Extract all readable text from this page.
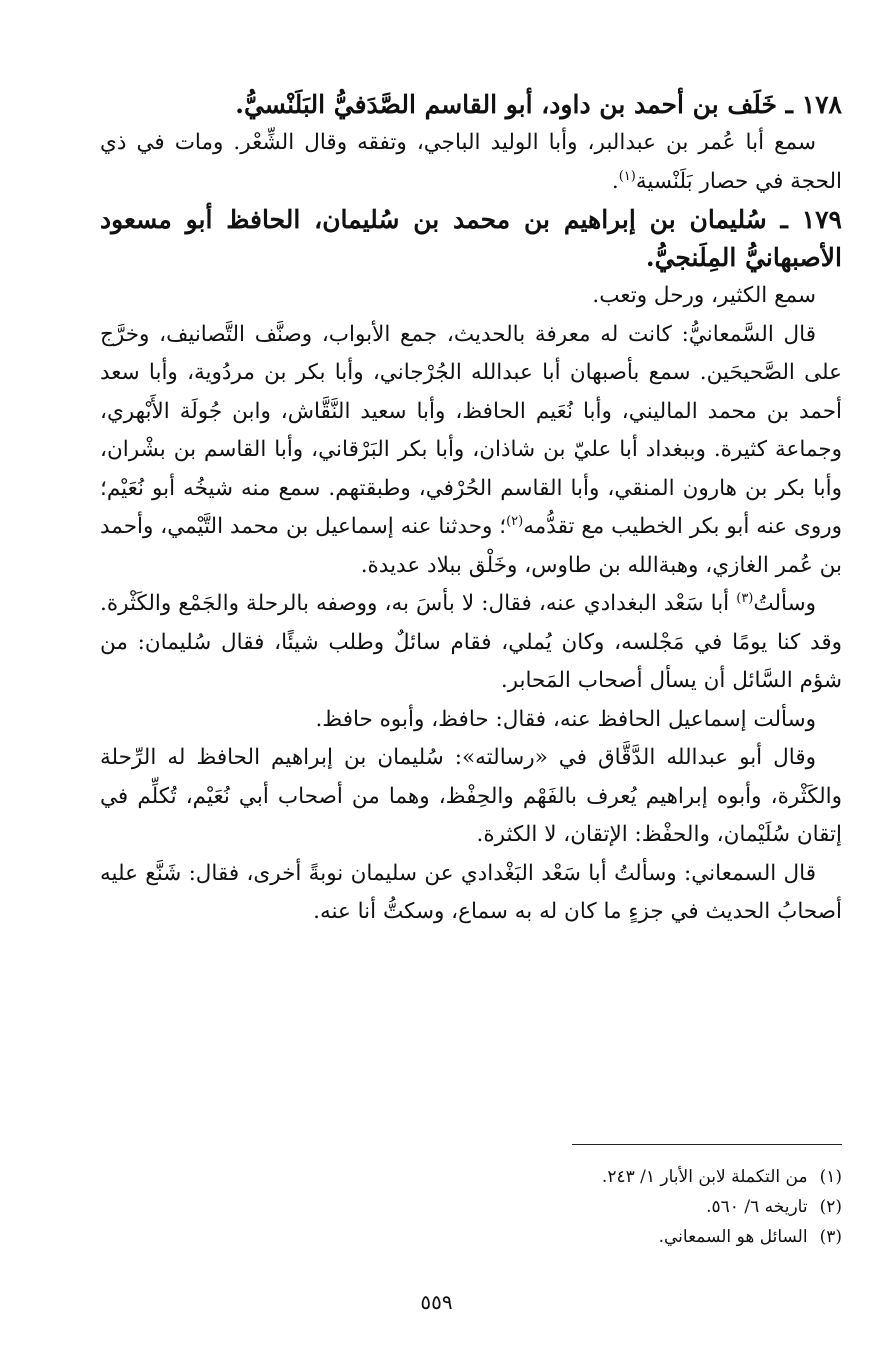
١٧٨ ـ خَلَف بن أحمد بن داود، أبو القاسم الصَّدَفيُّ البَلَنْسيُّ.

سمع أبا عُمر بن عبدالبر، وأبا الوليد الباجي، وتفقه وقال الشِّعْر. ومات في ذي الحجة في حصار بَلَنْسية$^{(١)}$.

١٧٩ ـ سُليمان بن إبراهيم بن محمد بن سُليمان، الحافظ أبو مسعود الأصبهانيُّ المِلَنجيُّ.

سمع الكثير، ورحل وتعب.

قال السَّمعانيُّ: كانت له معرفة بالحديث، جمع الأبواب، وصنَّف التَّصانيف، وخرَّج على الصَّحيحَين. سمع بأصبهان أبا عبدالله الجُرْجاني، وأبا بكر بن مردُوية، وأبا سعد أحمد بن محمد الماليني، وأبا نُعَيم الحافظ، وأبا سعيد النَّقَّاش، وابن جُولَة الأَبْهري، وجماعة كثيرة. وببغداد أبا عليّ بن شاذان، وأبا بكر البَرْقاني، وأبا القاسم بن بشْران، وأبا بكر بن هارون المنقي، وأبا القاسم الحُرْفي، وطبقتهم. سمع منه شيخُه أبو نُعَيْم؛ وروى عنه أبو بكر الخطيب مع تقدُّمه$^{(٢)}$؛ وحدثنا عنه إسماعيل بن محمد التَّيْمي، وأحمد بن عُمر الغازي، وهبةالله بن طاوس، وخَلْق ببلاد عديدة.

وسألتُ$^{(٣)}$ أبا سَعْد البغدادي عنه، فقال: لا بأسَ به، ووصفه بالرحلة والجَمْع والكَثْرة. وقد كنا يومًا في مَجْلسه، وكان يُملي، فقام سائلٌ وطلب شيئًا، فقال سُليمان: من شؤم السَّائل أن يسأل أصحاب المَحابر.

وسألت إسماعيل الحافظ عنه، فقال: حافظ، وأبوه حافظ.

وقال أبو عبدالله الدَّقَّاق في «رسالته»: سُليمان بن إبراهيم الحافظ له الرِّحلة والكَثْرة، وأبوه إبراهيم يُعرف بالفَهْم والحِفْظ، وهما من أصحاب أبي نُعَيْم، تُكلِّم في إتقان سُلَيْمان، والحفْظ: الإتقان، لا الكثرة.

قال السمعاني: وسألتُ أبا سَعْد البَغْدادي عن سليمان نوبةً أخرى، فقال: شَنَّع عليه أصحابُ الحديث في جزءٍ ما كان له به سماع، وسكتُّ أنا عنه.

(١)
من التكملة لابن الأبار ١/ ٢٤٣.
(٢)
تاريخه ٦/ ٥٦٠.
(٣)
السائل هو السمعاني.
٥٥٩
